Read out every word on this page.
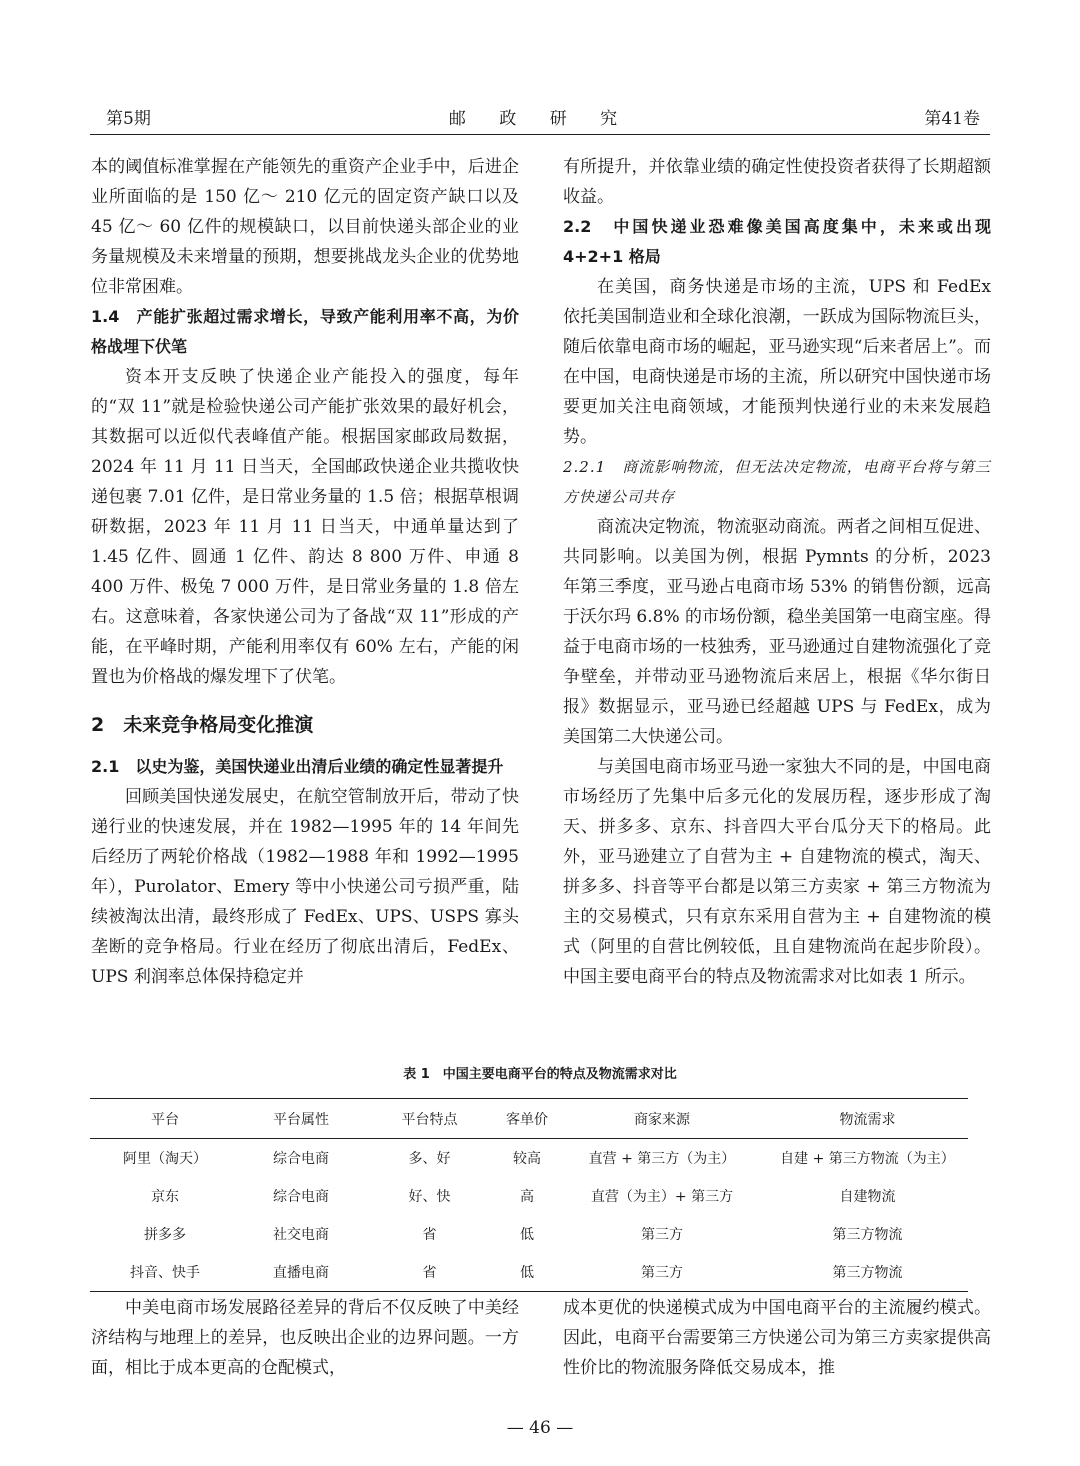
第5期	邮 政 研 究	第41卷

本的阈值标准掌握在产能领先的重资产企业手中，后进企业所面临的是 150 亿～ 210 亿元的固定资产缺口以及 45 亿～ 60 亿件的规模缺口，以目前快递头部企业的业务量规模及未来增量的预期，想要挑战龙头企业的优势地位非常困难。

1.4　产能扩张超过需求增长，导致产能利用率不高，为价格战埋下伏笔

资本开支反映了快递企业产能投入的强度，每年的“双 11”就是检验快递公司产能扩张效果的最好机会，其数据可以近似代表峰值产能。根据国家邮政局数据，2024 年 11 月 11 日当天，全国邮政快递企业共揽收快递包裹 7.01 亿件，是日常业务量的 1.5 倍；根据草根调研数据，2023 年 11 月 11 日当天，中通单量达到了 1.45 亿件、圆通 1 亿件、韵达 8 800 万件、申通 8 400 万件、极兔 7 000 万件，是日常业务量的 1.8 倍左右。这意味着，各家快递公司为了备战“双 11”形成的产能，在平峰时期，产能利用率仅有 60% 左右，产能的闲置也为价格战的爆发埋下了伏笔。

2　未来竞争格局变化推演
2.1　以史为鉴，美国快递业出清后业绩的确定性显著提升

回顾美国快递发展史，在航空管制放开后，带动了快递行业的快速发展，并在 1982—1995 年的 14 年间先后经历了两轮价格战（1982—1988 年和 1992—1995 年），Purolator、Emery 等中小快递公司亏损严重，陆续被淘汰出清，最终形成了 FedEx、UPS、USPS 寡头垄断的竞争格局。行业在经历了彻底出清后，FedEx、UPS 利润率总体保持稳定并

有所提升，并依靠业绩的确定性使投资者获得了长期超额收益。

2.2　中国快递业恐难像美国高度集中，未来或出现 4+2+1 格局

在美国，商务快递是市场的主流，UPS 和 FedEx 依托美国制造业和全球化浪潮，一跃成为国际物流巨头，随后依靠电商市场的崛起，亚马逊实现“后来者居上”。而在中国，电商快递是市场的主流，所以研究中国快递市场要更加关注电商领域，才能预判快递行业的未来发展趋势。

2.2.1　商流影响物流，但无法决定物流，电商平台将与第三方快递公司共存

商流决定物流，物流驱动商流。两者之间相互促进、共同影响。以美国为例，根据 Pymnts 的分析，2023 年第三季度，亚马逊占电商市场 53% 的销售份额，远高于沃尔玛 6.8% 的市场份额，稳坐美国第一电商宝座。得益于电商市场的一枝独秀，亚马逊通过自建物流强化了竞争壁垒，并带动亚马逊物流后来居上，根据《华尔街日报》数据显示，亚马逊已经超越 UPS 与 FedEx，成为美国第二大快递公司。

与美国电商市场亚马逊一家独大不同的是，中国电商市场经历了先集中后多元化的发展历程，逐步形成了淘天、拼多多、京东、抖音四大平台瓜分天下的格局。此外，亚马逊建立了自营为主 + 自建物流的模式，淘天、拼多多、抖音等平台都是以第三方卖家 + 第三方物流为主的交易模式，只有京东采用自营为主 + 自建物流的模式（阿里的自营比例较低，且自建物流尚在起步阶段）。中国主要电商平台的特点及物流需求对比如表 1 所示。

表 1　中国主要电商平台的特点及物流需求对比
平台	平台属性	平台特点	客单价	商家来源	物流需求
阿里（淘天）	综合电商	多、好	较高	直营 + 第三方（为主）	自建 + 第三方物流（为主）
京东	综合电商	好、快	高	直营（为主）+ 第三方	自建物流
拼多多	社交电商	省	低	第三方	第三方物流
抖音、快手	直播电商	省	低	第三方	第三方物流

中美电商市场发展路径差异的背后不仅反映了中美经济结构与地理上的差异，也反映出企业的边界问题。一方面，相比于成本更高的仓配模式，

成本更优的快递模式成为中国电商平台的主流履约模式。因此，电商平台需要第三方快递公司为第三方卖家提供高性价比的物流服务降低交易成本，推

— 46 —
